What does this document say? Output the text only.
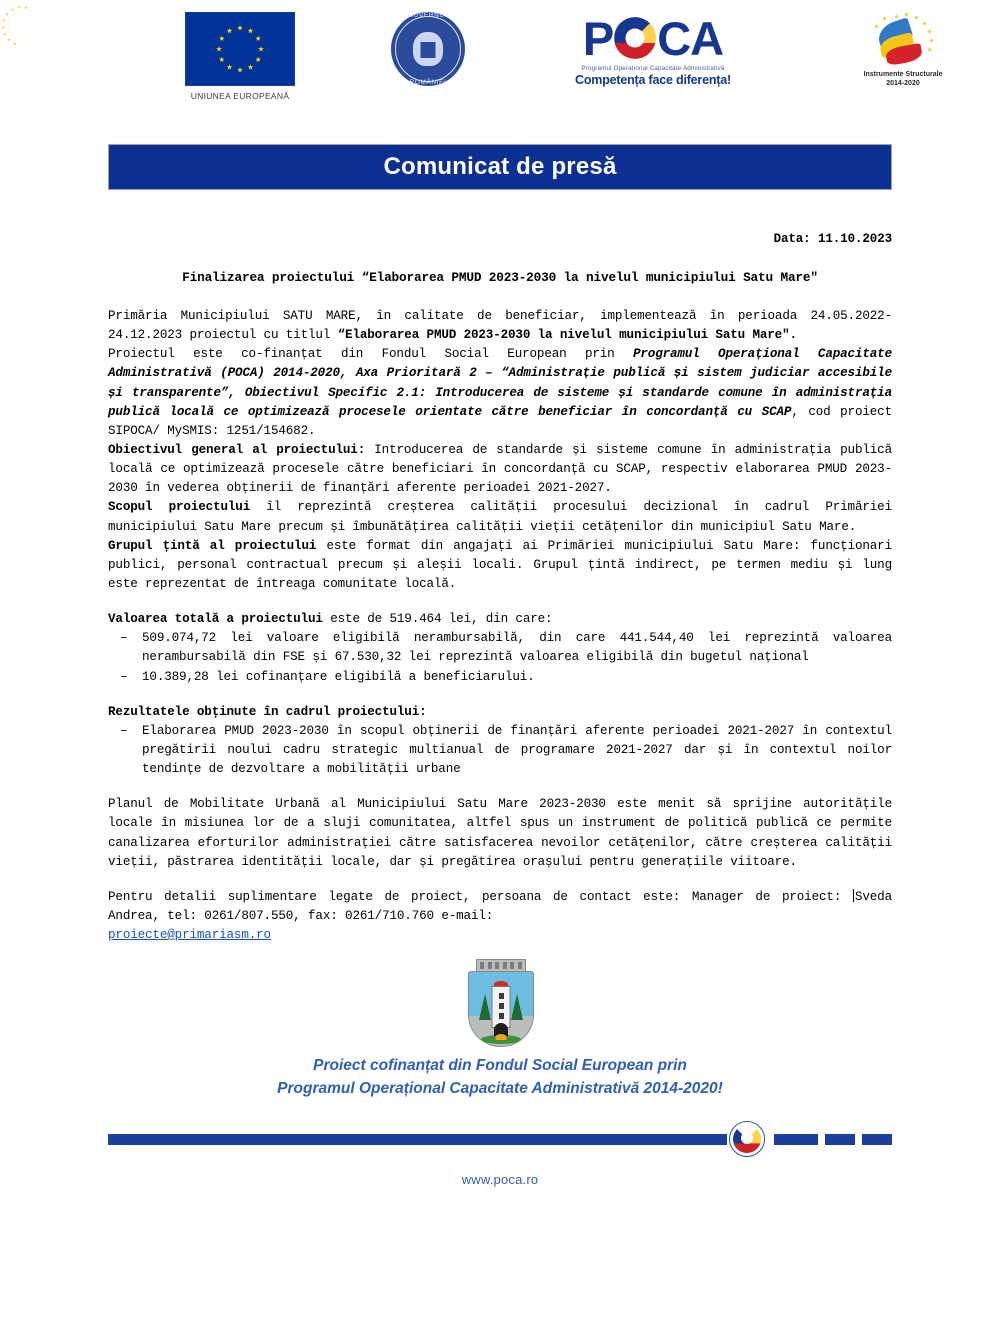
UNIUNEA EUROPEANĂ
GUVERNUL
ROMÂNIEI
P C A
Programul Operațional Capacitate Administrativă
Competența face diferența!	Instrumente Structurale
2014-2020
Comunicat de presă
Data: 11.10.2023
Finalizarea proiectului “Elaborarea PMUD 2023-2030 la nivelul municipiului Satu Mare"

Primăria Municipiului SATU MARE, în calitate de beneficiar, implementează în perioada 24.05.2022-24.12.2023 proiectul cu titlul “Elaborarea PMUD 2023-2030 la nivelul municipiului Satu Mare".

Proiectul este co-finanțat din Fondul Social European prin Programul Operațional Capacitate Administrativă (POCA) 2014-2020, Axa Prioritară 2 – “Administrație publică și sistem judiciar accesibile și transparente”, Obiectivul Specific 2.1: Introducerea de sisteme și standarde comune în administrația publică locală ce optimizează procesele orientate către beneficiar în concordanță cu SCAP, cod proiect SIPOCA/ MySMIS: 1251/154682.

Obiectivul general al proiectului: Introducerea de standarde și sisteme comune în administrația publică locală ce optimizează procesele către beneficiari în concordanță cu SCAP, respectiv elaborarea PMUD 2023-2030 în vederea obținerii de finanțări aferente perioadei 2021-2027.

Scopul proiectului îl reprezintă creșterea calității procesului decizional în cadrul Primăriei municipiului Satu Mare precum și îmbunătățirea calității vieții cetățenilor din municipiul Satu Mare.

Grupul țintă al proiectului este format din angajați ai Primăriei municipiului Satu Mare: funcționari publici, personal contractual precum și aleșii locali. Grupul țintă indirect, pe termen mediu și lung este reprezentat de întreaga comunitate locală.

Valoarea totală a proiectului este de 519.464 lei, din care:

– 509.074,72 lei valoare eligibilă nerambursabilă, din care 441.544,40 lei reprezintă valoarea nerambursabilă din FSE și 67.530,32 lei reprezintă valoarea eligibilă din bugetul național
– 10.389,28 lei cofinanțare eligibilă a beneficiarului.

Rezultatele obținute în cadrul proiectului:

– Elaborarea PMUD 2023-2030 în scopul obținerii de finanțări aferente perioadei 2021-2027 în contextul pregătirii noului cadru strategic multianual de programare 2021-2027 dar și în contextul noilor tendințe de dezvoltare a mobilității urbane

Planul de Mobilitate Urbană al Municipiului Satu Mare 2023-2030 este menit să sprijine autoritățile locale în misiunea lor de a sluji comunitatea, altfel spus un instrument de politică publică ce permite canalizarea eforturilor administrației către satisfacerea nevoilor cetățenilor, către creșterea calității vieții, păstrarea identității locale, dar și pregătirea orașului pentru generațiile viitoare.

Pentru detalii suplimentare legate de proiect, persoana de contact este: Manager de proiect: Sveda Andrea, tel: 0261/807.550, fax: 0261/710.760 e-mail:

proiecte@primariasm.ro

Proiect cofinanțat din Fondul Social European prin
Programul Operațional Capacitate Administrativă 2014-2020!
www.poca.ro
